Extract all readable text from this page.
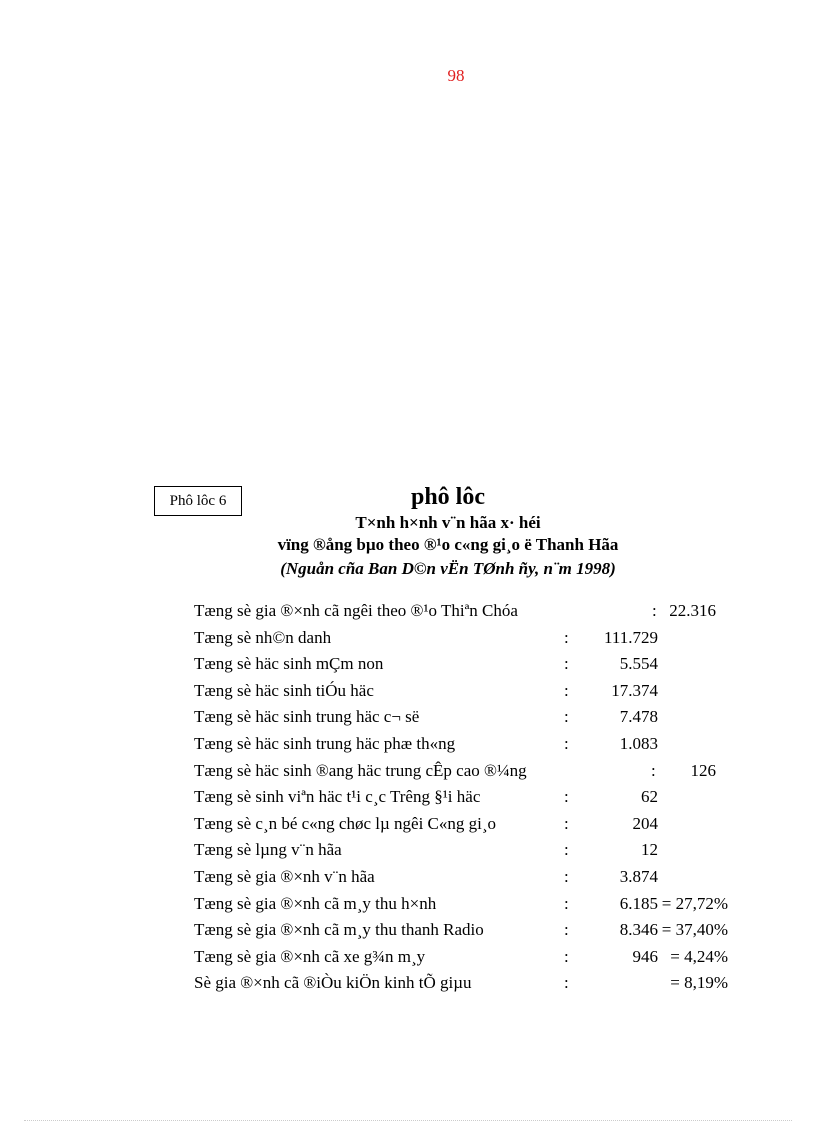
98
Phô lôc 6	phô lôc
T×nh h×nh v¨n hãa x· héi
vïng ®ång bµo theo ®¹o c«ng gi¸o ë Thanh Hãa
(Nguån cña Ban D©n vËn TØnh ñy, n¨m 1998)
Tæng sè gia ®×nh cã ngêi theo ®¹o Thiªn Chóa	: 22.316
Tæng sè nh©n danh	: 111.729
Tæng sè häc sinh mÇm non	:	5.554
Tæng sè häc sinh tiÓu häc	:	17.374
Tæng sè häc sinh trung häc c¬ së	:	7.478
Tæng sè häc sinh trung häc phæ th«ng	:	1.083
Tæng sè häc sinh ®ang häc trung cÊp cao ®¼ng	: 126
Tæng sè sinh viªn häc t¹i c¸c Trêng §¹i häc	:	62
Tæng sè c¸n bé c«ng chøc lµ ngêi C«ng gi¸o	:	204
Tæng sè lµng v¨n hãa	:	12
Tæng sè gia ®×nh v¨n hãa	:	3.874
Tæng sè gia ®×nh cã m¸y thu h×nh	:	6.185 = 27,72%
Tæng sè gia ®×nh cã m¸y thu thanh Radio	:	8.346 = 37,40%
Tæng sè gia ®×nh cã xe g¾n m¸y	:	946 = 4,24%
Sè gia ®×nh cã ®iÒu kiÖn kinh tÕ giµu	:	= 8,19%
